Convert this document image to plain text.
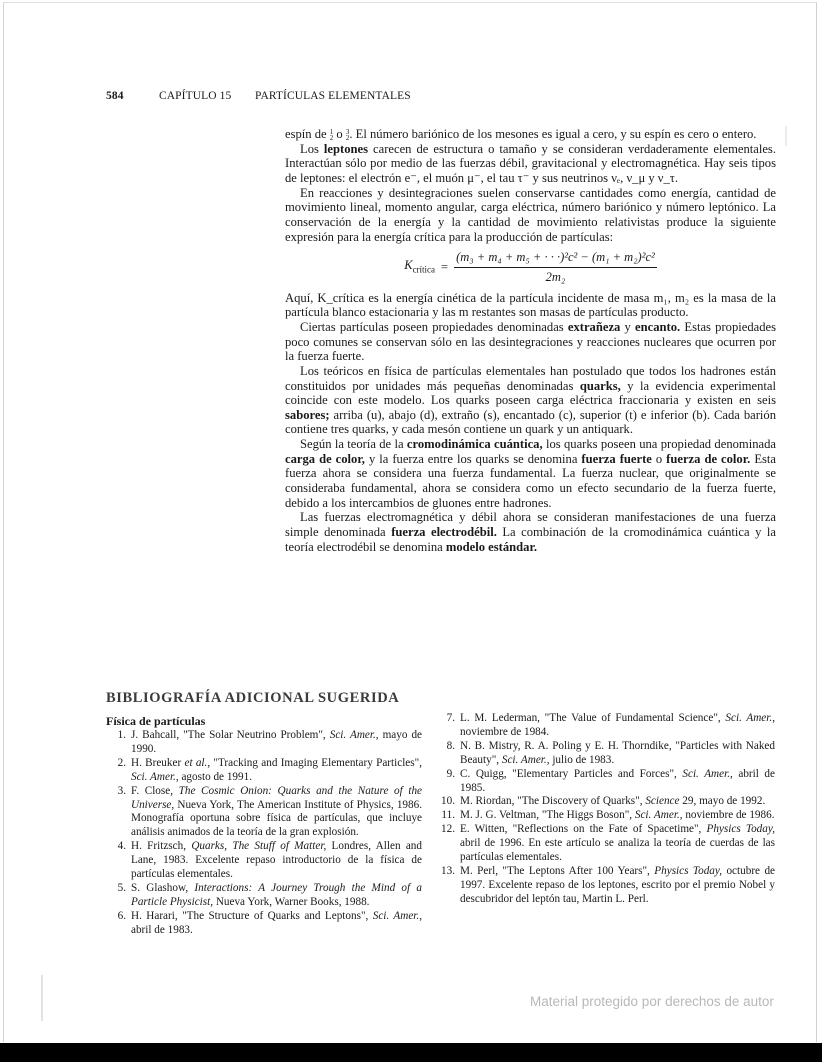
584	CAPÍTULO 15	PARTÍCULAS ELEMENTALES

espín de 1
2 o 3
2 . El número bariónico de los mesones es igual a cero, y su espín es cero o entero.

Los leptones carecen de estructura o tamaño y se consideran verdaderamente elementales. Interactúan sólo por medio de las fuerzas débil, gravitacional y electromagnética. Hay seis tipos de leptones: el electrón e⁻, el muón μ⁻, el tau τ⁻ y sus neutrinos νₑ, ν_μ y ν_τ.

En reacciones y desintegraciones suelen conservarse cantidades como energía, cantidad de movimiento lineal, momento angular, carga eléctrica, número bariónico y número leptónico. La conservación de la energía y la cantidad de movimiento relativistas produce la siguiente expresión para la energía crítica para la producción de partículas:

$K_{crítica} = \frac{\text{(m₃ + m₄ + m₅ + · · ·)²c² − (m₁ + m₂)²c²}}{\text{2m₂}}$

Aquí, K_crítica es la energía cinética de la partícula incidente de masa m₁, m₂ es la masa de la partícula blanco estacionaria y las m restantes son masas de partículas producto.

Ciertas partículas poseen propiedades denominadas extrañeza y encanto. Estas propiedades poco comunes se conservan sólo en las desintegraciones y reacciones nucleares que ocurren por la fuerza fuerte.

Los teóricos en física de partículas elementales han postulado que todos los hadrones están constituidos por unidades más pequeñas denominadas quarks, y la evidencia experimental coincide con este modelo. Los quarks poseen carga eléctrica fraccionaria y existen en seis sabores; arriba (u), abajo (d), extraño (s), encantado (c), superior (t) e inferior (b). Cada barión contiene tres quarks, y cada mesón contiene un quark y un antiquark.

Según la teoría de la cromodinámica cuántica, los quarks poseen una propiedad denominada carga de color, y la fuerza entre los quarks se denomina fuerza fuerte o fuerza de color. Esta fuerza ahora se considera una fuerza fundamental. La fuerza nuclear, que originalmente se consideraba fundamental, ahora se considera como un efecto secundario de la fuerza fuerte, debido a los intercambios de gluones entre hadrones.

Las fuerzas electromagnética y débil ahora se consideran manifestaciones de una fuerza simple denominada fuerza electrodébil. La combinación de la cromodinámica cuántica y la teoría electrodébil se denomina modelo estándar.

BIBLIOGRAFÍA ADICIONAL SUGERIDA
Física de partículas
1. J. Bahcall, "The Solar Neutrino Problem", Sci. Amer., mayo de 1990.
2. H. Breuker et al., "Tracking and Imaging Elementary Particles", Sci. Amer., agosto de 1991.
3. F. Close, The Cosmic Onion: Quarks and the Nature of the Universe, Nueva York, The American Institute of Physics, 1986. Monografía oportuna sobre física de partículas, que incluye análisis animados de la teoría de la gran explosión.
4. H. Fritzsch, Quarks, The Stuff of Matter, Londres, Allen and Lane, 1983. Excelente repaso introductorio de la física de partículas elementales.
5. S. Glashow, Interactions: A Journey Trough the Mind of a Particle Physicist, Nueva York, Warner Books, 1988.
6. H. Harari, "The Structure of Quarks and Leptons", Sci. Amer., abril de 1983.
7. L. M. Lederman, "The Value of Fundamental Science", Sci. Amer., noviembre de 1984.
8. N. B. Mistry, R. A. Poling y E. H. Thorndike, "Particles with Naked Beauty", Sci. Amer., julio de 1983.
9. C. Quigg, "Elementary Particles and Forces", Sci. Amer., abril de 1985.
10. M. Riordan, "The Discovery of Quarks", Science 29, mayo de 1992.
11. M. J. G. Veltman, "The Higgs Boson", Sci. Amer., noviembre de 1986.
12. E. Witten, "Reflections on the Fate of Spacetime", Physics Today, abril de 1996. En este artículo se analiza la teoría de cuerdas de las partículas elementales.
13. M. Perl, "The Leptons After 100 Years", Physics Today, octubre de 1997. Excelente repaso de los leptones, escrito por el premio Nobel y descubridor del leptón tau, Martin L. Perl.
Material protegido por derechos de autor
